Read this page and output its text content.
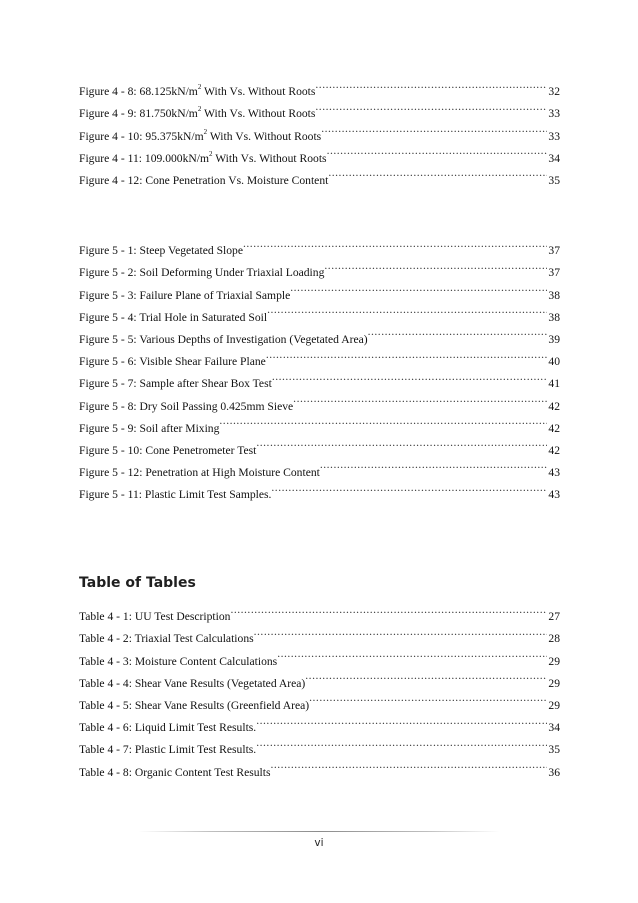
Figure 4 - 8: $68.125kN/m^2$ With Vs. Without Roots .....	32
Figure 4 - 9: $81.750kN/m^2$ With Vs. Without Roots .....	33
Figure 4 - 10: $95.375kN/m^2$ With Vs. Without Roots .....	33
Figure 4 - 11: $109.000kN/m^2$ With Vs. Without Roots .....	34
Figure 4 - 12: Cone Penetration Vs. Moisture Content .....	35
Figure 5 - 1: Steep Vegetated Slope .....	37
Figure 5 - 2: Soil Deforming Under Triaxial Loading .....	37
Figure 5 - 3: Failure Plane of Triaxial Sample .....	38
Figure 5 - 4: Trial Hole in Saturated Soil .....	38
Figure 5 - 5: Various Depths of Investigation (Vegetated Area) .....	39
Figure 5 - 6: Visible Shear Failure Plane .....	40
Figure 5 - 7: Sample after Shear Box Test .....	41
Figure 5 - 8: Dry Soil Passing 0.425mm Sieve .....	42
Figure 5 - 9: Soil after Mixing .....	42
Figure 5 - 10: Cone Penetrometer Test .....	42
Figure 5 - 12: Penetration at High Moisture Content .....	43
Figure 5 - 11: Plastic Limit Test Samples. .....	43
Table of Tables
Table 4 - 1: UU Test Description .....	27
Table 4 - 2: Triaxial Test Calculations .....	28
Table 4 - 3: Moisture Content Calculations .....	29
Table 4 - 4: Shear Vane Results (Vegetated Area) .....	29
Table 4 - 5: Shear Vane Results (Greenfield Area) .....	29
Table 4 - 6: Liquid Limit Test Results. .....	34
Table 4 - 7: Plastic Limit Test Results. .....	35
Table 4 - 8: Organic Content Test Results .....	36
vi
